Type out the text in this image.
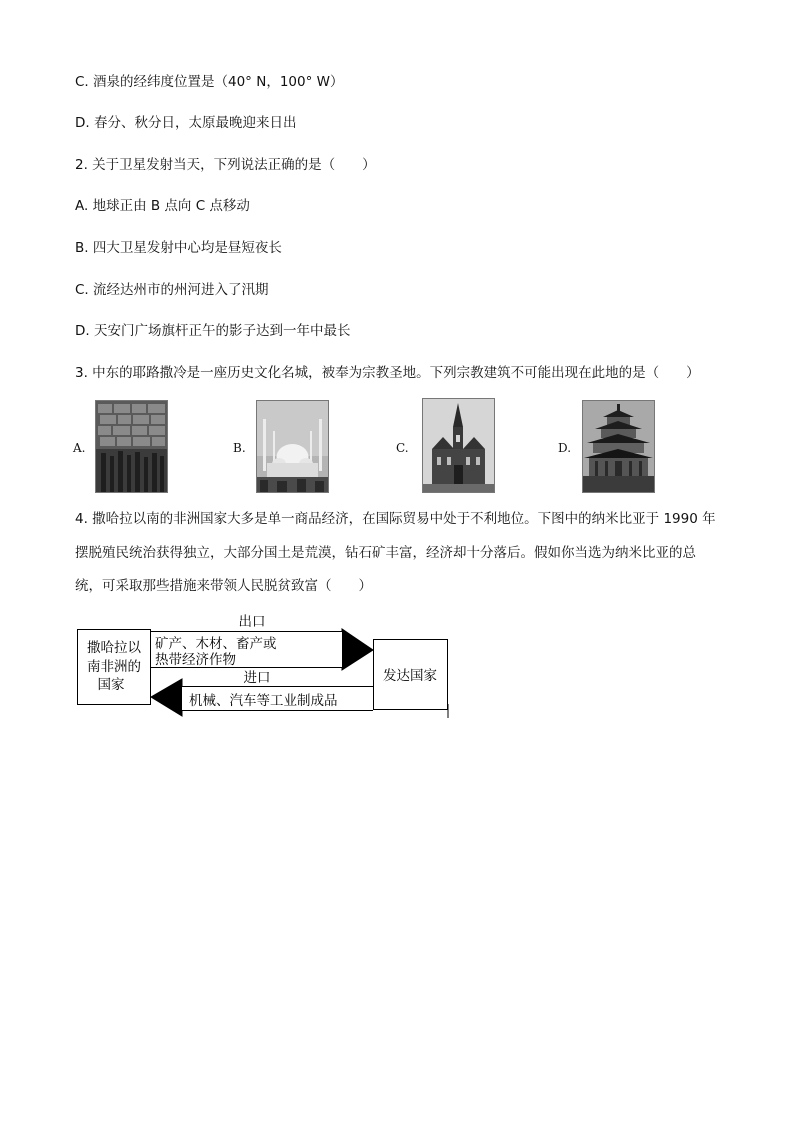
C. 酒泉的经纬度位置是（40° N，100° W）
D. 春分、秋分日，太原最晚迎来日出
2. 关于卫星发射当天，下列说法正确的是（　　）
A. 地球正由 B 点向 C 点移动
B. 四大卫星发射中心均是昼短夜长
C. 流经达州市的州河进入了汛期
D. 天安门广场旗杆正午的影子达到一年中最长
3. 中东的耶路撒冷是一座历史文化名城，被奉为宗教圣地。下列宗教建筑不可能出现在此地的是（　　）
A.	B.	C.	D.
4. 撒哈拉以南的非洲国家大多是单一商品经济，在国际贸易中处于不利地位。下图中的纳米比亚于 1990 年
摆脱殖民统治获得独立，大部分国土是荒漠，钻石矿丰富，经济却十分落后。假如你当选为纳米比亚的总
统，可采取那些措施来带领人民脱贫致富（　　）
撒哈拉以
南非洲的
国家
发达国家
出口
矿产、木材、畜产或
热带经济作物
进口
机械、汽车等工业制成品
